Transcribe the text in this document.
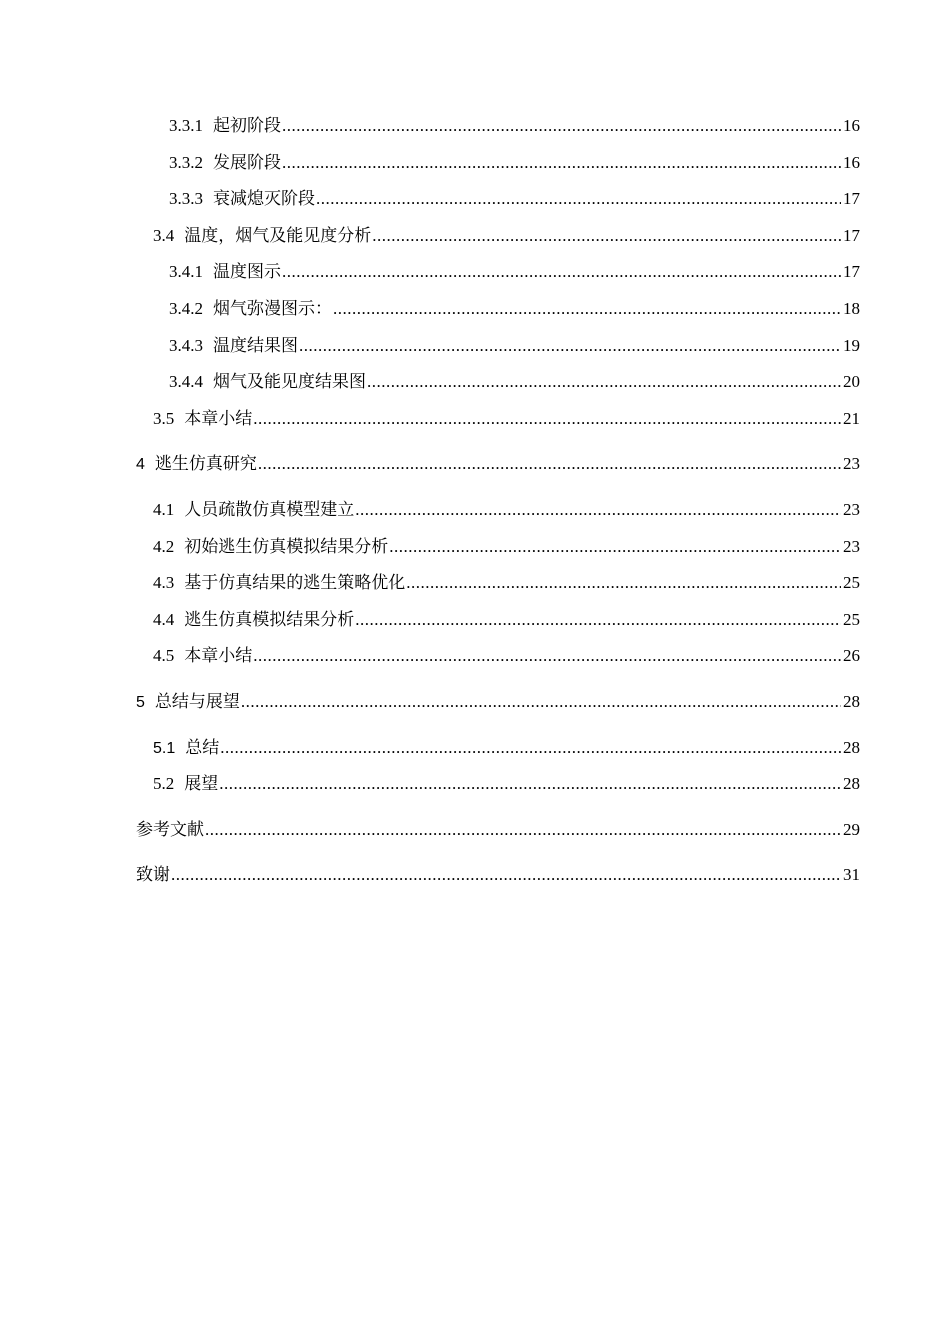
3.3.1 起初阶段 .....	16
3.3.2 发展阶段 .....	16
3.3.3 衰减熄灭阶段 .....	17
3.4 温度，烟气及能见度分析 .....	17
3.4.1 温度图示 .....	17
3.4.2 烟气弥漫图示： .....	18
3.4.3 温度结果图 .....	19
3.4.4 烟气及能见度结果图 .....	20
3.5 本章小结 .....	21
4 逃生仿真研究 .....	23
4.1 人员疏散仿真模型建立 .....	23
4.2 初始逃生仿真模拟结果分析 .....	23
4.3 基于仿真结果的逃生策略优化 .....	25
4.4 逃生仿真模拟结果分析 .....	25
4.5 本章小结 .....	26
5 总结与展望 .....	28
5.1 总结 .....	28
5.2 展望 .....	28
参考文献 .....	29
致谢 .....	31
